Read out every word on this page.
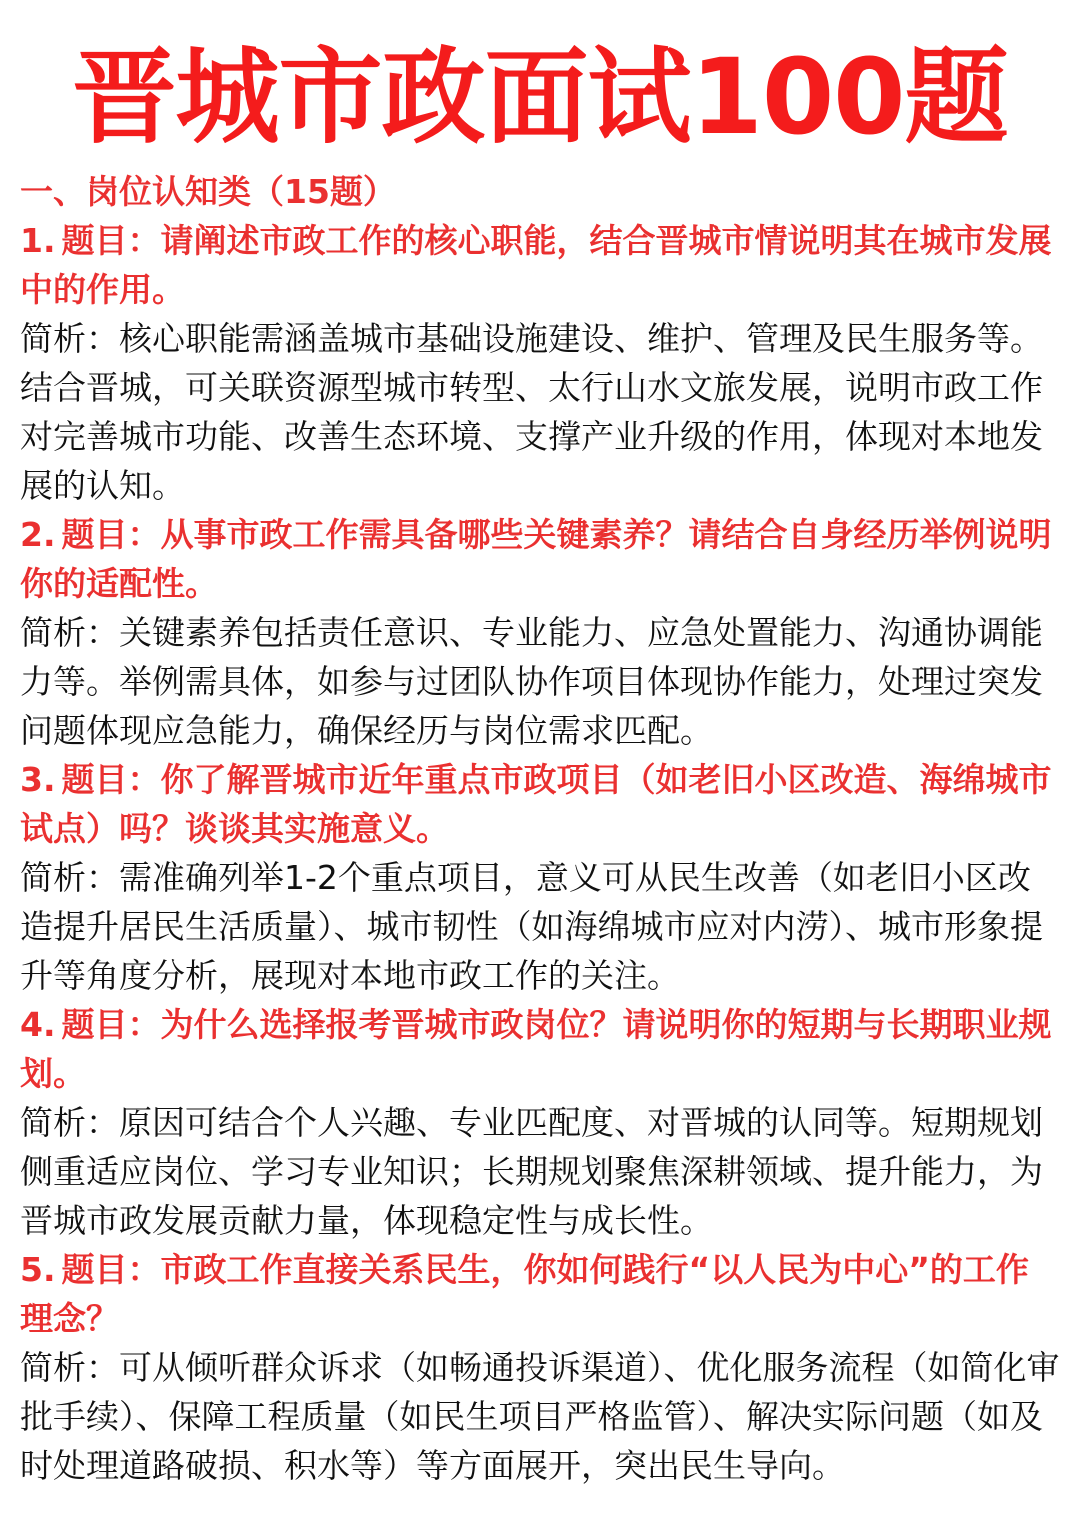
晋城市政面试100题
一、岗位认知类（15题）

1. 题目：请阐述市政工作的核心职能，结合晋城市情说明其在城市发展中的作用。

简析：核心职能需涵盖城市基础设施建设、维护、管理及民生服务等。结合晋城，可关联资源型城市转型、太行山水文旅发展，说明市政工作对完善城市功能、改善生态环境、支撑产业升级的作用，体现对本地发展的认知。

2. 题目：从事市政工作需具备哪些关键素养？请结合自身经历举例说明你的适配性。

简析：关键素养包括责任意识、专业能力、应急处置能力、沟通协调能力等。举例需具体，如参与过团队协作项目体现协作能力，处理过突发问题体现应急能力，确保经历与岗位需求匹配。

3. 题目：你了解晋城市近年重点市政项目（如老旧小区改造、海绵城市试点）吗？谈谈其实施意义。

简析：需准确列举1-2个重点项目，意义可从民生改善（如老旧小区改造提升居民生活质量）、城市韧性（如海绵城市应对内涝）、城市形象提升等角度分析，展现对本地市政工作的关注。

4. 题目：为什么选择报考晋城市政岗位？请说明你的短期与长期职业规划。

简析：原因可结合个人兴趣、专业匹配度、对晋城的认同等。短期规划侧重适应岗位、学习专业知识；长期规划聚焦深耕领域、提升能力，为晋城市政发展贡献力量，体现稳定性与成长性。

5. 题目：市政工作直接关系民生，你如何践行“以人民为中心”的工作理念？

简析：可从倾听群众诉求（如畅通投诉渠道）、优化服务流程（如简化审批手续）、保障工程质量（如民生项目严格监管）、解决实际问题（如及时处理道路破损、积水等）等方面展开，突出民生导向。
